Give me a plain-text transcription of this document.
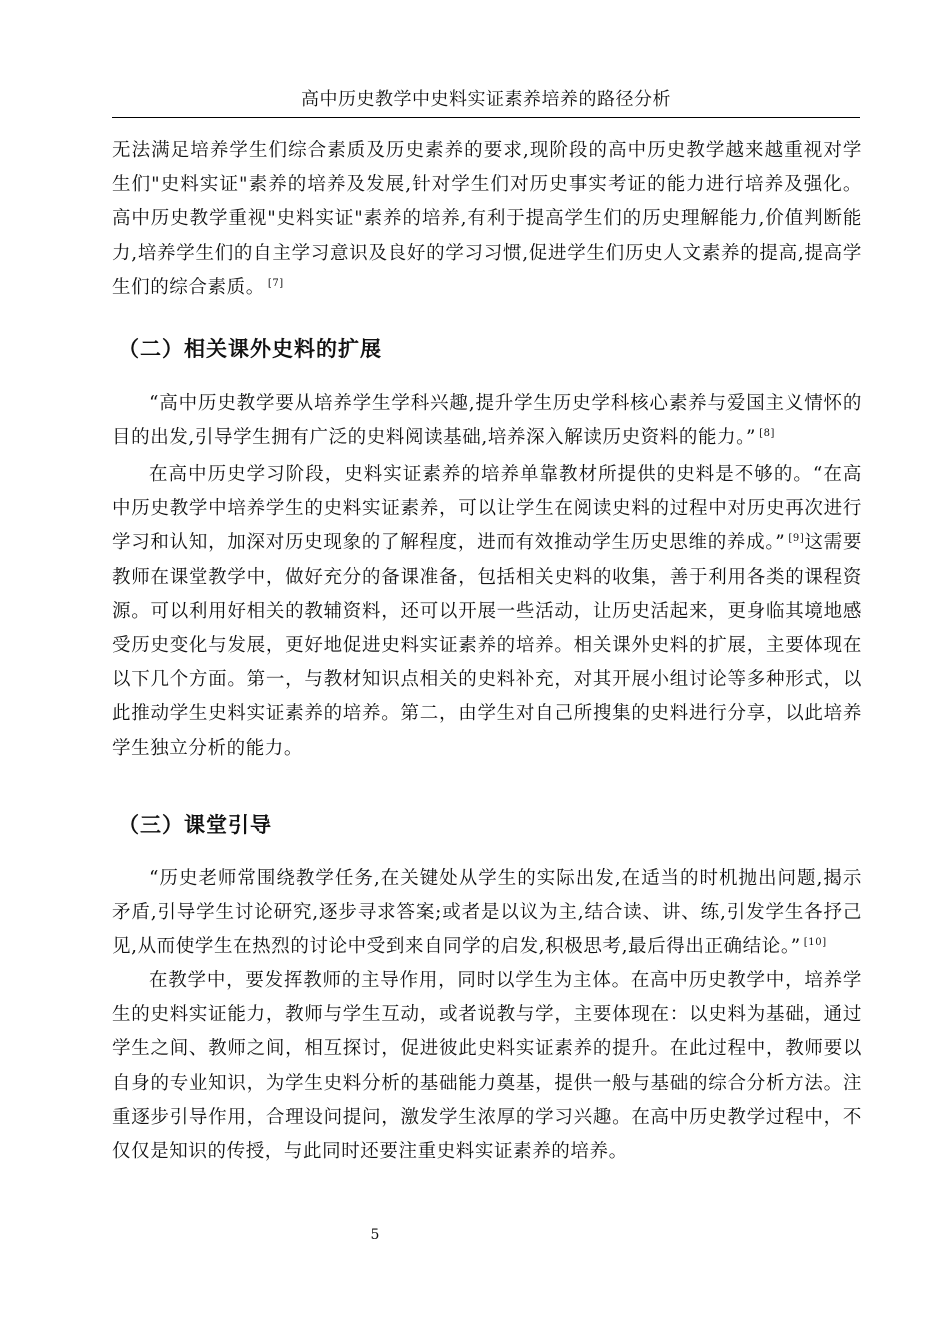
高中历史教学中史料实证素养培养的路径分析

无法满足培养学生们综合素质及历史素养的要求,现阶段的高中历史教学越来越重视对学生们"史料实证"素养的培养及发展,针对学生们对历史事实考证的能力进行培养及强化。高中历史教学重视"史料实证"素养的培养,有利于提高学生们的历史理解能力,价值判断能力,培养学生们的自主学习意识及良好的学习习惯,促进学生们历史人文素养的提高,提高学生们的综合素质。 [7]

（二）相关课外史料的扩展

“高中历史教学要从培养学生学科兴趣,提升学生历史学科核心素养与爱国主义情怀的目的出发,引导学生拥有广泛的史料阅读基础,培养深入解读历史资料的能力。” [8]

在高中历史学习阶段，史料实证素养的培养单靠教材所提供的史料是不够的。“在高中历史教学中培养学生的史料实证素养，可以让学生在阅读史料的过程中对历史再次进行学习和认知，加深对历史现象的了解程度，进而有效推动学生历史思维的养成。” [9]这需要教师在课堂教学中，做好充分的备课准备，包括相关史料的收集，善于利用各类的课程资源。可以利用好相关的教辅资料，还可以开展一些活动，让历史活起来，更身临其境地感受历史变化与发展，更好地促进史料实证素养的培养。相关课外史料的扩展，主要体现在以下几个方面。第一，与教材知识点相关的史料补充，对其开展小组讨论等多种形式，以此推动学生史料实证素养的培养。第二，由学生对自己所搜集的史料进行分享，以此培养学生独立分析的能力。

（三）课堂引导

“历史老师常围绕教学任务,在关键处从学生的实际出发,在适当的时机抛出问题,揭示矛盾,引导学生讨论研究,逐步寻求答案;或者是以议为主,结合读、讲、练,引发学生各抒己见,从而使学生在热烈的讨论中受到来自同学的启发,积极思考,最后得出正确结论。” [10]

在教学中，要发挥教师的主导作用，同时以学生为主体。在高中历史教学中，培养学生的史料实证能力，教师与学生互动，或者说教与学，主要体现在：以史料为基础，通过学生之间、教师之间，相互探讨，促进彼此史料实证素养的提升。在此过程中，教师要以自身的专业知识，为学生史料分析的基础能力奠基，提供一般与基础的综合分析方法。注重逐步引导作用，合理设问提问，激发学生浓厚的学习兴趣。在高中历史教学过程中，不仅仅是知识的传授，与此同时还要注重史料实证素养的培养。

5
